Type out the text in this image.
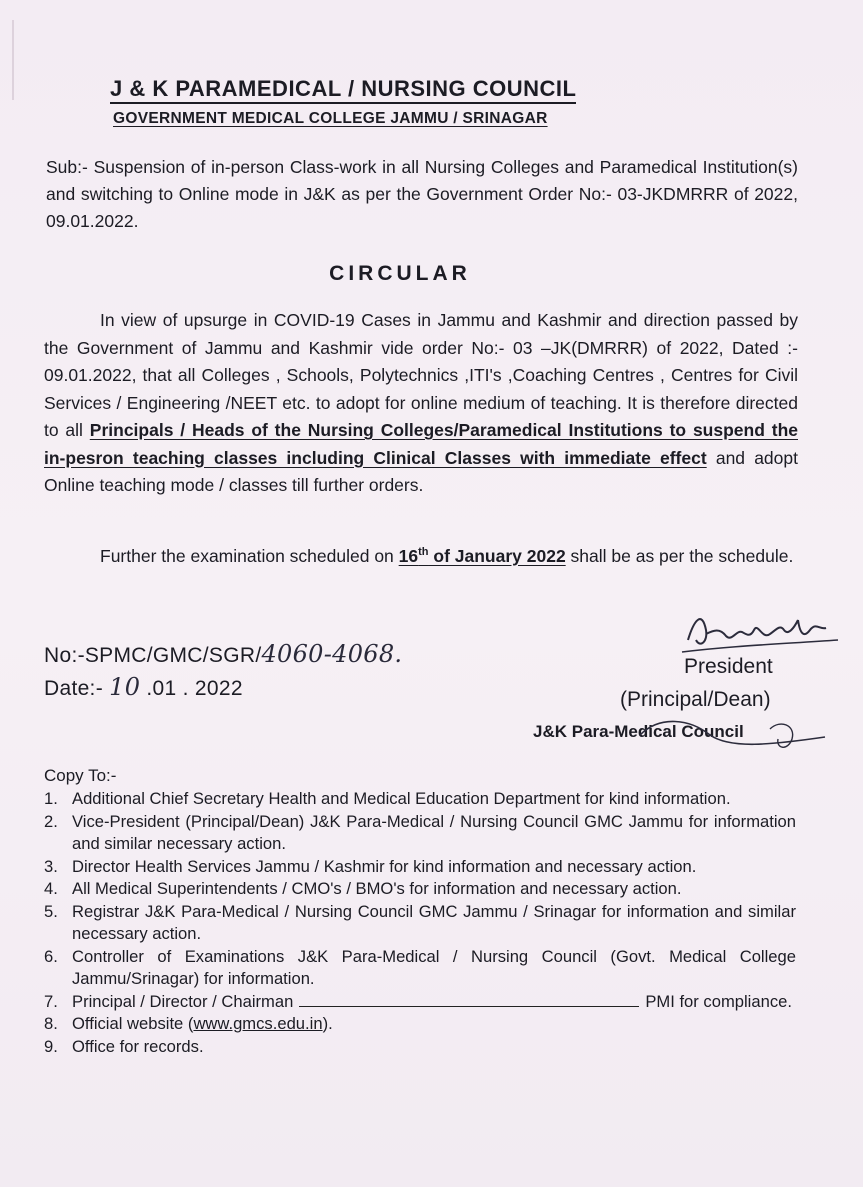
J & K PARAMEDICAL / NURSING COUNCIL
GOVERNMENT MEDICAL COLLEGE JAMMU / SRINAGAR
Sub:- Suspension of in-person Class-work in all Nursing Colleges and Paramedical Institution(s) and switching to Online mode in J&K as per the Government Order No:- 03-JKDMRRR of 2022, 09.01.2022.
CIRCULAR
In view of upsurge in COVID-19 Cases in Jammu and Kashmir and direction passed by the Government of Jammu and Kashmir vide order No:- 03 –JK(DMRRR) of 2022, Dated :- 09.01.2022, that all Colleges , Schools, Polytechnics ,ITI's ,Coaching Centres , Centres for Civil Services / Engineering /NEET etc. to adopt for online medium of teaching. It is therefore directed to all Principals / Heads of the Nursing Colleges/Paramedical Institutions to suspend the in-pesron teaching classes including Clinical Classes with immediate effect and adopt Online teaching mode / classes till further orders.
Further the examination scheduled on 16th of January 2022 shall be as per the schedule.
No:-SPMC/GMC/SGR/4060-4068.
Date:- 10 .01 . 2022
President
(Principal/Dean)
J&K Para-Medical Council
Copy To:-
1. Additional Chief Secretary Health and Medical Education Department for kind information.
2. Vice-President (Principal/Dean) J&K Para-Medical / Nursing Council GMC Jammu for information and similar necessary action.
3. Director Health Services Jammu / Kashmir for kind information and necessary action.
4. All Medical Superintendents / CMO's / BMO's for information and necessary action.
5. Registrar J&K Para-Medical / Nursing Council GMC Jammu / Srinagar for information and similar necessary action.
6. Controller of Examinations J&K Para-Medical / Nursing Council (Govt. Medical College Jammu/Srinagar) for information.
7. Principal / Director / Chairman	PMI for compliance.
8. Official website (www.gmcs.edu.in).
9. Office for records.
